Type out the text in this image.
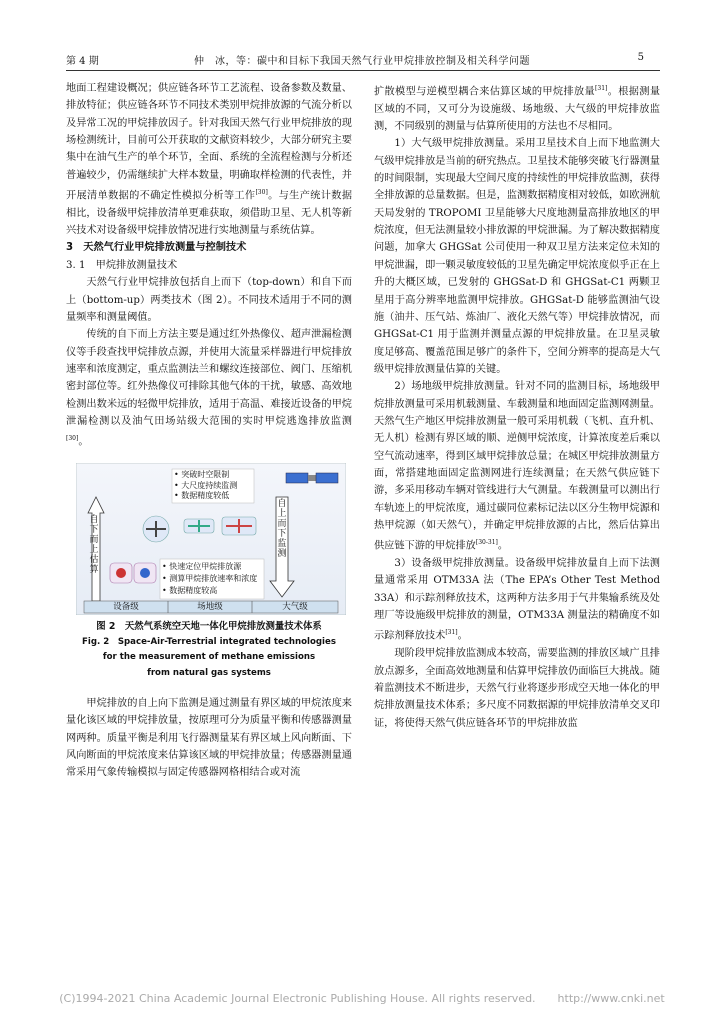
第 4 期	仲　冰，等：碳中和目标下我国天然气行业甲烷排放控制及相关科学问题	5

地面工程建设概况；供应链各环节工艺流程、设备参数及数量、排放特征；供应链各环节不同技术类别甲烷排放源的气流分析以及异常工况的甲烷排放因子。针对我国天然气行业甲烷排放的现场检测统计，目前可公开获取的文献资料较少，大部分研究主要集中在油气生产的单个环节，全面、系统的全流程检测与分析还普遍较少，仍需继续扩大样本数量，明确取样检测的代表性，并开展清单数据的不确定性模拟分析等工作[30]。与生产统计数据相比，设备级甲烷排放清单更难获取，须借助卫星、无人机等新兴技术对设备级甲烷排放情况进行实地测量与系统估算。

3　天然气行业甲烷排放测量与控制技术

3. 1　甲烷排放测量技术

天然气行业甲烷排放包括自上而下（top-down）和自下而上（bottom-up）两类技术（图 2）。不同技术适用于不同的测量频率和测量阈值。

传统的自下而上方法主要是通过红外热像仪、超声泄漏检测仪等手段查找甲烷排放点源，并使用大流量采样器进行甲烷排放速率和浓度测定，重点监测法兰和螺纹连接部位、阀门、压缩机密封部位等。红外热像仪可排除其他气体的干扰，敏感、高效地检测出数米远的轻微甲烷排放，适用于高温、难接近设备的甲烷泄漏检测以及油气田场站级大范围的实时甲烷逃逸排放监测[30]。

自下而上估算
自上而下监测
• 突破时空限制
• 大尺度持续监测
• 数据精度较低
• 快速定位甲烷排放源
• 测算甲烷排放速率和浓度
• 数据精度较高
设备级	场地级	大气级

图 2　天然气系统空天地一体化甲烷排放测量技术体系

Fig. 2　Space-Air-Terrestrial integrated technologies

for the measurement of methane emissions

from natural gas systems

甲烷排放的自上向下监测是通过测量有界区域的甲烷浓度来量化该区域的甲烷排放量，按原理可分为质量平衡和传感器测量网两种。质量平衡是利用飞行器测量某有界区域上风向断面、下风向断面的甲烷浓度来估算该区域的甲烷排放量；传感器测量通常采用气象传输模拟与固定传感器网格相结合或对流

扩散模型与逆模型耦合来估算区域的甲烷排放量[31]。根据测量区域的不同，又可分为设施级、场地级、大气级的甲烷排放监测，不同级别的测量与估算所使用的方法也不尽相同。

1）大气级甲烷排放测量。采用卫星技术自上而下地监测大气级甲烷排放是当前的研究热点。卫星技术能够突破飞行器测量的时间限制，实现最大空间尺度的持续性的甲烷排放监测，获得全排放源的总量数据。但是，监测数据精度相对较低，如欧洲航天局发射的 TROPOMI 卫星能够大尺度地测量高排放地区的甲烷浓度，但无法测量较小排放源的甲烷泄漏。为了解决数据精度问题，加拿大 GHGSat 公司使用一种双卫星方法来定位未知的甲烷泄漏，即一颗灵敏度较低的卫星先确定甲烷浓度似乎正在上升的大概区域，已发射的 GHGSat-D 和 GHGSat-C1 两颗卫星用于高分辨率地监测甲烷排放。GHGSat-D 能够监测油气设施（油井、压气站、炼油厂、液化天然气等）甲烷排放情况，而 GHGSat-C1 用于监测并测量点源的甲烷排放量。在卫星灵敏度足够高、覆盖范围足够广的条件下，空间分辨率的提高是大气级甲烷排放测量估算的关键。

2）场地级甲烷排放测量。针对不同的监测目标，场地级甲烷排放测量可采用机载测量、车载测量和地面固定监测网测量。天然气生产地区甲烷排放测量一般可采用机载（飞机、直升机、无人机）检测有界区域的顺、逆侧甲烷浓度，计算浓度差后乘以空气流动速率，得到区域甲烷排放总量；在城区甲烷排放测量方面，常搭建地面固定监测网进行连续测量；在天然气供应链下游，多采用移动车辆对管线进行大气测量。车载测量可以测出行车轨迹上的甲烷浓度，通过碳同位素标记法以区分生物甲烷源和热甲烷源（如天然气），并确定甲烷排放源的占比，然后估算出供应链下游的甲烷排放[30-31]。

3）设备级甲烷排放测量。设备级甲烷排放量自上而下法测量通常采用 OTM33A 法（The EPA’s Other Test Method 33A）和示踪剂释放技术，这两种方法多用于气井集输系统及处理厂等设施级甲烷排放的测量，OTM33A 测量法的精确度不如示踪剂释放技术[31]。

现阶段甲烷排放监测成本较高，需要监测的排放区域广且排放点源多，全面高效地测量和估算甲烷排放仍面临巨大挑战。随着监测技术不断进步，天然气行业将逐步形成空天地一体化的甲烷排放测量技术体系；多尺度不同数据源的甲烷排放清单交叉印证，将使得天然气供应链各环节的甲烷排放监

(C)1994-2021 China Academic Journal Electronic Publishing House. All rights reserved.　　http://www.cnki.net
